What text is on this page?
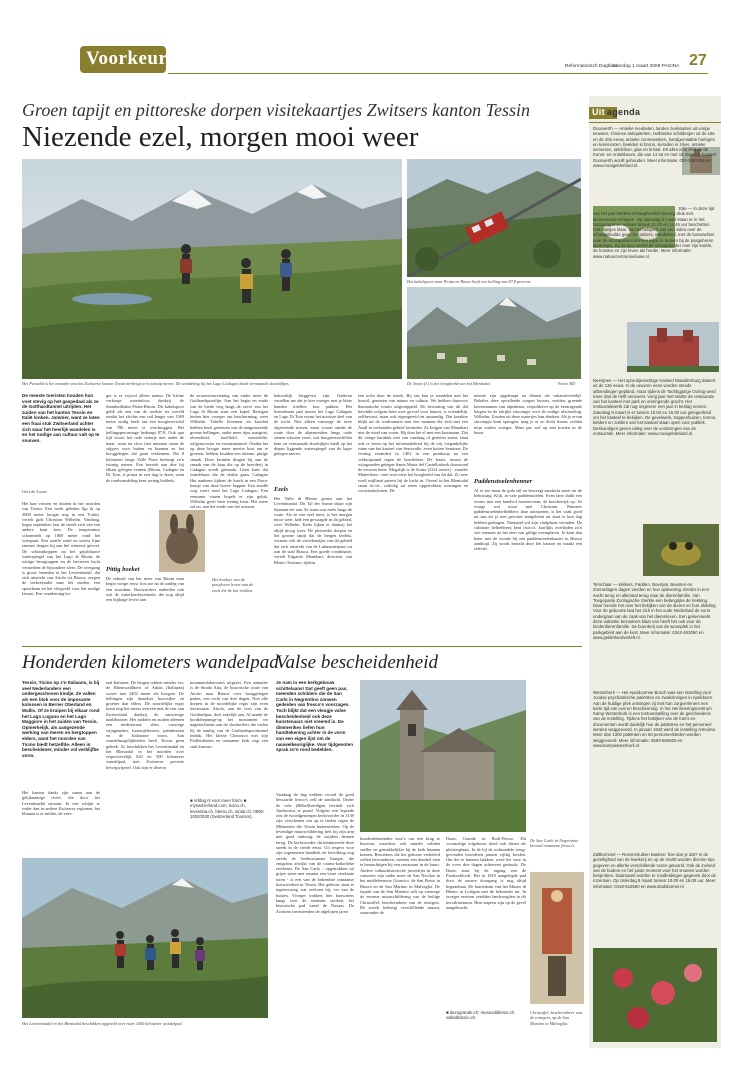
Voorkeur	Reformatorisch Dagblad
zaterdag 1 maart 2008 PAGINA 27
Groen tapijt en pittoreske dorpen visitekaartjes Zwitsers kanton Tessin
Niezende ezel, morgen mooi weer
Het Pursalal is het noorden van het Zwitserse kanton Tessin herbergt zo'n twintig meren. De wandeling bij het Lago Cadagno baalt vermaande doorkijkjes.
Het kabelspoor naar Piotta en Ritom heeft een helling van 87,8 procent.
De Sonto (l.) is het hoogbeeld van het Bleniodal.	Foto's RD
Uit agenda
Doorwerth — Antieke meubelen, landen zeekaarten uit vorige eeuwen, Chinese antiquiteiten, Hollandse schilderijen uit de 19e en de 20e eeuw, antieke zonnewerken, handgemaakte horloges en kolenvazen, beelden in brons, sieraden in zilver, antieke serviezen, tafelzilver, glas en kristal. Dit alles is te zien op de Kunst- en Antiekbeurs, die van 14 tot en met 16 maart in Kasteel Doorwerth wordt gehouden. Meer informatie: 026-3397406 en www.mooigelderland.nl.
Ede — In deze tijd van het jaar hebben schaapherders het erg druk met lammerende schapen. Op zaterdag 8 maart staan er in het Natuurcentrum Veluwe tussen 11.00 en 14.45 uur beschutten met muisjes klaar. Na het bekijken van een video over de schaapskudde gaan bezoekers, wandelend, met de boswachter naar de schaapskooi om een kijkje te nemen bij de pasgeboren lammetjes. Bij de kooi vertelt de schaapherder over zijn kudde, de honden en zijn leven als herder. Meer informatie: www.natuurcentrumveluwe.nl.
Neerijnen — Het sprookjesachtige Kasteel Waardenburg dateert uit de 13e eeuw. In de oeuvren eens worden steeds uitbreidingen gepland, maar tijdens de Tachtigjarige Oorlog werd meer dan de helft verwoest. Vorig jaar met startte de restauratie van het kasteel met park en omringende gracht. Het restauratiewerk zal nog ongeveer een jaar in beslag nemen. Zaterdag 8 maart is er tussen 10.00 en 16.00 uur gelegenheid om het kasteel te bekijken. De gevelwerk, trappenhuizen, torens, kelders en zolders van het kasteel staan open voor publiek. Deskundigen geven uitleg over de vorderingen van de restauratie. Meer informatie: www.mooigelderland.nl.
Terschaar — Kikkers, Padden, Boertjes, Beesten en Zonnedagen dagen vierden en hun oplevering. Eerder in een nacht terug en allemaal terug naar de dierenfamilie. Van Toegepaste Zoölogische Sterkte een belangrijke de trekking. Daar hoorde het over het bekijken van de dieren en hun afdeling. Voor de geboorte laat het zich in het oude Nederland de vorm ondergaan van de zaak van het dierenleven. Een gekenmerkt deze vakantie bezoekers klaar van heeft het ook voor de kinderdierenfamilie. De boerderij van de woonplek in het parkgebied aan de kust. Meer informatie: 0342-462060 en www.gelderlandvertelt.nl.
Westerbork — Het Apeldoornse Bosch was een instelling voor Joodse psychiatrische patiënten en zwakzinnigen in Apeldoorn. Aan de huidige plek ontvingen zij met hun zorgverleners een korte tijd van rust en bescherming. In het Herinneringscentrum Kamp Westerbork is een tentoonstelling over de geschiedenis van de instelling. Tijdens het bekijken van de foto's en documenten wordt duidelijk hoe de patiënten en het personeel werden weggevoerd. In januari 1943 werd de instelling ontruimd. Meer dan 1300 patiënten en 50 personeelsleden werden weggevoerd. Meer informatie: 0593-592600 en www.kampwesterbork.nl.
Zaltbommel — Rozenstruiken kweken: hoe doe je dat? In de gezelligheid van de kwekerij en op de markt worden diverse tips gegeven en allerlei verschillende rozen getoond. Ook de invloed van de bodem en het juiste moment voor het snoeien worden besproken. Daarnaast worden er rondleidingen gegeven door de rozentuin. Op zaterdag 8 maart tussen 10.00 en 16.00 uur. Meer informatie: 0418-515580 en www.stadsbomel.nl.
De meeste toeristen houden hun voet stevig op het gaspedaal als ze de Gotthardtunnel uitrijden. Het zuiden van het kanton Tessin en Italië lonken. Jammer, want ze laten een fraai stuk Zwitserland achter zich waar het heerlijk wandelen is en het nodige aan cultuur valt op te snuiven.
Gert de Looze
Het kan vriezen en dooien in het noorden van Tessin. Een week geleden lijp ik op 3000 meter hoogte nog in een T-shirt, vertelt gids Christian Wilhelm. Vandaag, begin september, laat de streek zich van een andere kant zien. De temperatuur schommelt op 1800 meter rond het vriespunt. Een straffe wind en uiterst fijne sneeuw dragen bij aan het winterse gevoel. De schuimkoppen op het grijsblauwe waterspiegel van het Lago di Ritom, de wittige beorgtoppen en de bevroren lucht versterken de bijzondere sfeer. De overgang is groot: beneden in het Leventinadal, dat zich uitstrekt van Airolo tot Biasca, zorgen de verkeersader naar het zuiden, een spoorbaan en het vliegveld voor het nodige lawaai. Een verademing bo-
ger is er vrijwel alleen natuur. De kleine verkoopt moeiteloos dankzij de Standseilbahn Piotta-Ritom. Dit kabelspoor geldt als een van de steilste ter wereld omdat het slechts een rail lengte van 1369 meter nodig heeft om een hoogteverschil van 786 meter te overbruggen. Het hellingspercentage bedraagt 87,8. Ook qua tijd scoort het rode treintje niet onder de maat, want na circa tien minuten staan de stijgers voor buiten en kunnen ze het hooggelegen dal gaan verkennen. Dit 8 kilometer lange Valle Piora herbergt zo'n twintig meren. Een bezoek aan drie bij elkaar gelegen vennen (Ritom, Cadagno en Di Tom, is prima in een dag te doen, want de rondwandeling kent weinig hobbels.
Pittig boeket
De inhoud van het meer van Ritom nam begin vorige eeuw fors toe na de aanleg van een stuwdam. Bouwstofers naderden ook ook de waterkrachtcentrale, die nog altijd een bijdrage levert aan
Het hoekeje van de ponylaven levert aan de ezels die de kar trekken.
de stroomvoorziening van onder meer de Gotthardspoorlijn. Aan het begin en einde van de brede weg langs de oever van het Lago di Ritom staat een kapel. Reisigen buiten hier vroeger om bescherming, weet Wilhelm. Tabelle bloemen en kruiden hebben bezit genomen van de aangrenzende groene hellingen, onder meer tijm, margriet, alvendistel, boeffield, moseslelie, wilgenroosjes en zwanenmantel. Omdat het op deze hoogte meer moeite kost om te groeien, hebben kruiden een intense, pittige smaak. Deze kruiden dragen bij aan de smaak van de kaas die op de boerderij in Cadagno wordt gemaakt. Geen kans dat wandelaars die de vlakte gaan. Cadagno Hut aanheen tijdens de lunch in een Piora-kaasje van deze hoeve kappen. Een smalle weg voert rond het Lago Cadagno. Een eenzame vissen hopelt er zijn geluk. Wilhelm geeft hem weinig kans. Het meer zal nu, aan het einde van het seizoen,
behoorlijk leeggevist zijn. Ouderen vertellen me dat je hier vroeger met je blote handen forellen kon pakken. Het hoenderaan pad tussen het Lago Cadagno en Lago Di Tom vormt het mooiste deel van de tocht. Niet alleen vanwege de twee afgestemde meren, maar vooral omdat de route door de alpenweiden langs oude stenen schuren voert, wat hoogteverschillen kent en vermaande doorkijkjes biedt op het dieper liggende waterspiegel van de lager gelegen meren.
Ezels
Het Valle di Blenio grenst aan het Leventinadal. Dit Tal der Sonne duurt zijn bijnaam eer aan. Er staan wat ezels langs de route. Als ze een ezel niest, is het morgen mooi weer, kidt een gewaagde in dit gebied, weet Wilhelm. Ezels lijken er dankzij het altijd droog weer. De pittoreske dorpen en het groene tapijt dat de bergen bedekt, vormen ook de visitekaartjes van dit gebied dat zich uitstrekt van de Lukmanierpass tot aan de stad Biasca. Een goede combinatie, vertelt Edgardo Mannhart, directeur van Blenio Turismo, tijdens
een tocht door de streek. Bij ons kun je wandelen met het bosriil, genieten van natuur en cultuur. We hebben daarvoor thematische routes uitgestippeld. De bewoning van dit dal beschikt volgens hem over gevoel voor humor, is vriendelijk, zelfbewust, maar ook eigengereid en opstandig. Dat karakter blijkt uit de confrontatie met vier mannen die zich met een Asall in verbonden gebied bevinden. Ze krijgen van Mannhart niet de wind van voren. Hij doet het el met een koosnaam. Dat dit varige karakter niet van vandaag of gisteren stamt, staat ook te lezen op het informatiebord bij de vrij toegankelijke ruïne van het kasteel van Serravalle, even buiten Semione. De vesting verandert in 1402 in een puinhoop na een volksopstand tegen de burchtheer. De fraaie, tussen de wijngaarden gelegen Santa Maria del Castelloskerk doorstond de eeuwen beter. Mogelijk is de Sonto (2221 meter) - zuurder Matterhorn - met voor niets het hoogbeeld van dit dal. Zo zeer voelt mijlland priemt hij de lucht in. Overal in het Bleniodal staan tic-tic, volledig uit steen opgetrokken woningen en voorraadschuren. De
meeste zijn opgeknapt en dienen als vakantieverblijf. Behalve deze opvallende oorgen bossen, weiden, graende lawinetannen van alpenkaas, verpolderen op de eentragende bergen en de talrijke stroompje voor de nodige afwisseling. Wilhelm: Zouden uit deze watertjes kan drinken. Als je ervan stroompje kunt springen, mag je er zo dicht lessen, zolden mijn ouders vroeger. Maar pas wel op met koeien in de buurt.
Paddenstoelenhenner
Al er toe maar de gids stil en beweegt aandacht moet uit de bebossing. Kijk, in vale paddenstoelen. Even later duikt een vrouw met een handvol boerenvoran, de boscherrijk op. Ze vraagt wat mooi met Christian. Wanneer paddenstoelenliefhebbers daar ontmoeten, is het vaak goed uit aan als je met grootste antigeheim uit staat te kun dag hebben gedragen. Niemand wil zijn vindplaats verraden. De culinaire liefhebberij kent risico's. Jaarlijks overlijden zo'n vier mensen na het eten van giftige exemplaren. Je kunt dan beter met de wonde bij een paddenstoelenkamer in Biasca aanklopt. Zij wordt bestald door het kanton en maakt een selectie.
Honderden kilometers wandelpad
Tessin, Ticino op z'n Italiaans, is bij veel Nederlanders een ondergeschoven kindje. Ze vallen als een blok voor de imposante kolossen in Berner Oberland en Wallis. Of ze kruipen bij elkaar rond het Lago Lugano en het Lago Maggiore in het zuiden van Tessin. Opmerkelijk, als aangezende werking van meren en bergtoppen elders, want het noorden van Ticino biedt hetzelfde. Alleen in bescheidener, minder vol verblijfbe vorm.
Het kanton dankt zijn naam aan de gelijknamige rivier, die door het Leventinadal stroomt. In een schijnt er veder dan in andere Zwitserse regionen, het klimaat is er milder, de voer-
taal Italiaans. De bergen rekken minder ver, de Rheinwaldhorn of Adula (Italiaans) scoort met 3402 meter als hoogste. De hellingen zijn daardoor hoorrijker en groener dan elders. De noordelijke regio komt nog het meest overeen met de rest van Zwitserland dankzij de aanwezige naaldbossen. Het midden en zuiden ademen een mediterrane sfeer, vanwege wijngaarden, kastanjebossen, palmbomen en de Italiaanse bouw. Aan wandelmogelijkheden heeft Tessin geen gebrek. Zo beschikken het Leventinadal en het Bleniodal in het noorden over respectievelijk 620 en 500 kilometer wandelpad, met Zwitserse precisie bewegwijzerd. Ook zijn er diverse
mountainbikeroutes uitgezet. Een aanrader is de Strada Alta, de historische route van Airolo naar Biasca over hooggelegen paden, een tocht van drie dagen. Niet alle dorpen in de noordelijke regio zijn even interessant. Airolo, aan de voet van de Gotthardpas, doet zakelijk aan. Al maakt de bordidiepumgr-op het monument ter nagedachtenis aan de slachtoffers die vielen bij de aanleg van de Gotthardspoortunnel indruk. Het kleine Chironico met zijn Ptolleinbrøen en romaanse kerk oogt een stuk knusser.
■ refdag.nl voor meer foto's ■ myswitzerland.com; ticino.ch, leventina.ch, blenio.ch, stotal.ch; 0800-10020030 (Switzerland Tourism).
Het Leventinadal en het Bleniodal beschikken opgeteld over ruim 1000 kilometer wandelpad.
Valse bescheidenheid
Je nam in een kerkgebouw schittelaans! Dat geeft geen pas, meenden schilders die de San Carlo in Negrentino zonwen gedeiden van fresco's voorzagen. Toch blijkt dat een vleugje valse bescheidenheid ook deze kunstenaars niet vreemd is. De dimmerikes liefen hun handtekening achter in de vorm van een eigen lijst om de nauwelkeuriglijke. Voor tijdgenoten sprak zo'n rond bedelden.
Vandaag de dag trekken vooral de goed bewaarde fresco's zelf de aandacht. Onder de vele (Bilbel)beeldgen bevindt zich Ambrosius te paard. Volgens een legende zou de twoedgenoegen kerkvoorder in 1139 zijn verschenen om op te treden tegen de Milanezen die Tessin binnenvielen. Op de levendige muurschildering heft hij zijn arm met goed omhoog; de strijders dennen terug. De kerkvoorder christianiseerde deze streek in de vierde eeuw. Uit respect voor zijn ingenomen handbalt de bevolking nog steeds de Ambrosiaanse liturgie, die enigszins afwijkt van de rooms-katholieke eredienst. De San Carlo - opgetrokken uit grijze steen met ernaast een losse vierkante toren - is een van de bekendste romaanse bouwwerken in Tessin. Het gebouw staat er ingetroosing wat verloren bij, ver van de huizen. Vroeger trokken hier bouwiners langs over de senieren stroken, het historische pad vanaf de Nuvaas. De Zwitsers investeerden de afgelopen jaren
honderdduizenden euro's om een brug te bouwen, waardoor ook minder validen sneller en gemakkelijker bij de kerk kunnen komen. Bezoekers die het gebouw verbeterd willen bewonderen, moeten een deurbel eten te bemachtigen bij een restaurant in de buurt. Andere cultuurhistorische juweeltjes in deze contreies zijn onder meer de San Nicolao in het middeleeuwse Giornico, de San Pietro in Biasca en de San Martino in Malvaglia. De façade van de San Martino valt op vanwege de enorme muurschildering van de heilige Christoffel, beschermheer van de reizigers. De streek herbergt verschillende musea, waaronder de
Dazio Grande in Rodi-Fiesso. Dit voormalige tolgebouw doed ook dienst als pleisterplaats. In de bij de rodstandele terug-gevonden brooderen passen vijftig broden. Om die te kunnen bakken, werd het vuur in de oven drie dagen achtereen gestookt. De Dazio staat bij de ingang van de Piottinoklooft. Het in 1819 aangelegde pad door de nauwe doorgang is nog altijd begaanbaar. De buitenkant van het Museo di Blenio in Lottigna met de beleonder uit. In vroeger eeuwen zetelden landvoogden in dit invorkinenuim. Hun wapens zijn op de gevel aangebracht.
■ dazogrande.ch; museodiblenio.ch; vallediblenio.ch.
De San Carlo in Negrentino bevond romaanse fresco's.
Christoffel, beschermheer van de reizigers, op de San Martino in Malvaglia.
